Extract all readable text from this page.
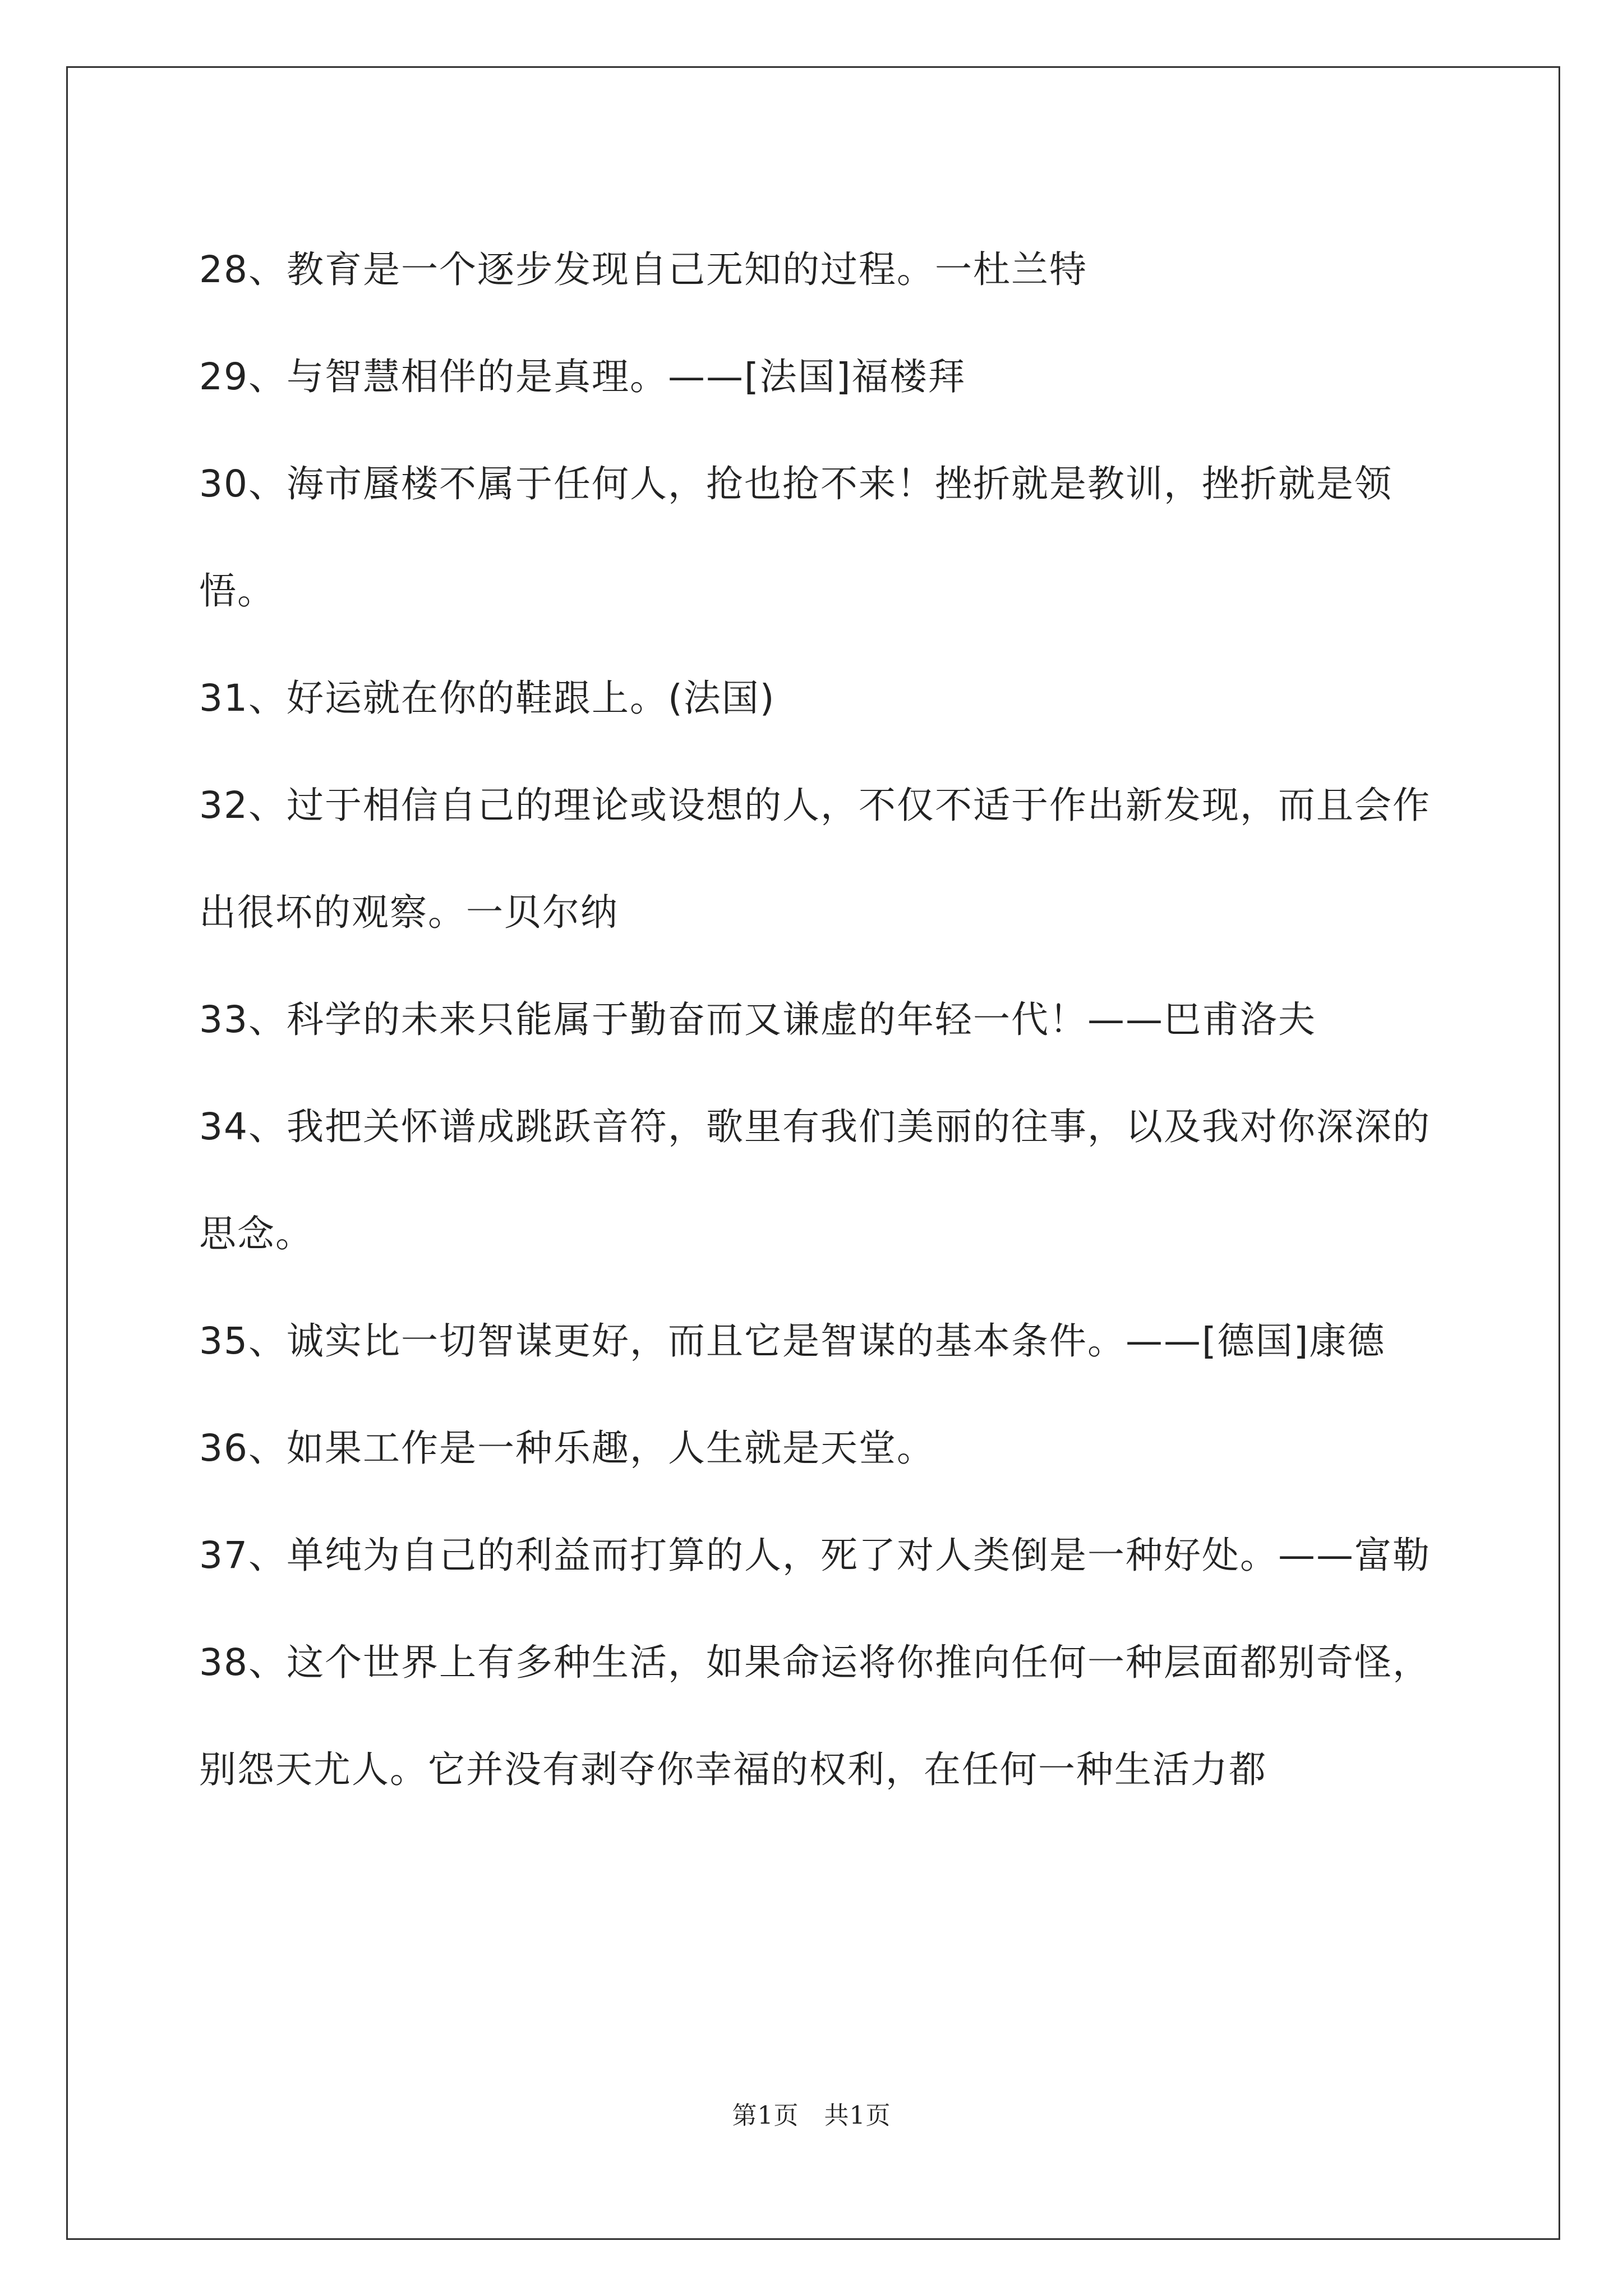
28、教育是一个逐步发现自己无知的过程。一杜兰特

29、与智慧相伴的是真理。——[法国]福楼拜

30、海市蜃楼不属于任何人，抢也抢不来！挫折就是教训，挫折就是领悟。

31、好运就在你的鞋跟上。(法国)

32、过于相信自己的理论或设想的人，不仅不适于作出新发现，而且会作出很坏的观察。一贝尔纳

33、科学的未来只能属于勤奋而又谦虚的年轻一代！——巴甫洛夫

34、我把关怀谱成跳跃音符，歌里有我们美丽的往事，以及我对你深深的思念。

35、诚实比一切智谋更好，而且它是智谋的基本条件。——[德国]康德

36、如果工作是一种乐趣，人生就是天堂。

37、单纯为自己的利益而打算的人，死了对人类倒是一种好处。——富勒

38、这个世界上有多种生活，如果命运将你推向任何一种层面都别奇怪，别怨天尤人。它并没有剥夺你幸福的权利，在任何一种生活力都

第1页　共1页
